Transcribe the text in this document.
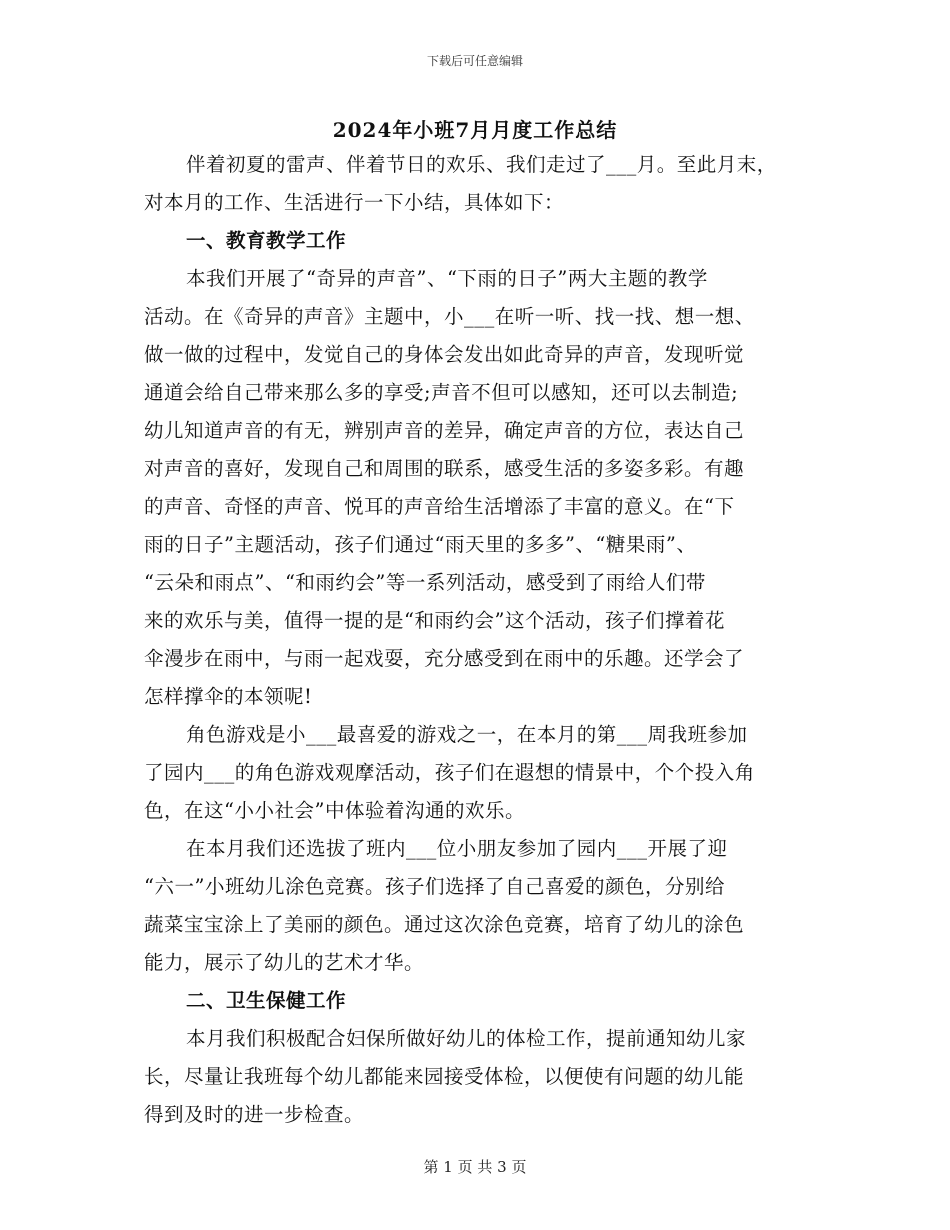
下载后可任意编辑
2024年小班7月月度工作总结
伴着初夏的雷声、伴着节日的欢乐、我们走过了___月。至此月末，
对本月的工作、生活进行一下小结，具体如下：
一、教育教学工作
本我们开展了“奇异的声音”、“下雨的日子”两大主题的教学
活动。在《奇异的声音》主题中，小___在听一听、找一找、想一想、
做一做的过程中，发觉自己的身体会发出如此奇异的声音，发现听觉
通道会给自己带来那么多的享受;声音不但可以感知，还可以去制造;
幼儿知道声音的有无，辨别声音的差异，确定声音的方位，表达自己
对声音的喜好，发现自己和周围的联系，感受生活的多姿多彩。有趣
的声音、奇怪的声音、悦耳的声音给生活增添了丰富的意义。在“下
雨的日子”主题活动，孩子们通过“雨天里的多多”、“糖果雨”、
“云朵和雨点”、“和雨约会”等一系列活动，感受到了雨给人们带
来的欢乐与美，值得一提的是“和雨约会”这个活动，孩子们撑着花
伞漫步在雨中，与雨一起戏耍，充分感受到在雨中的乐趣。还学会了
怎样撑伞的本领呢!
角色游戏是小___最喜爱的游戏之一，在本月的第___周我班参加
了园内___的角色游戏观摩活动，孩子们在遐想的情景中，个个投入角
色，在这“小小社会”中体验着沟通的欢乐。
在本月我们还选拔了班内___位小朋友参加了园内___开展了迎
“六一”小班幼儿涂色竞赛。孩子们选择了自己喜爱的颜色，分别给
蔬菜宝宝涂上了美丽的颜色。通过这次涂色竞赛，培育了幼儿的涂色
能力，展示了幼儿的艺术才华。
二、卫生保健工作
本月我们积极配合妇保所做好幼儿的体检工作，提前通知幼儿家
长，尽量让我班每个幼儿都能来园接受体检，以便使有问题的幼儿能
得到及时的进一步检查。
第 1 页 共 3 页
